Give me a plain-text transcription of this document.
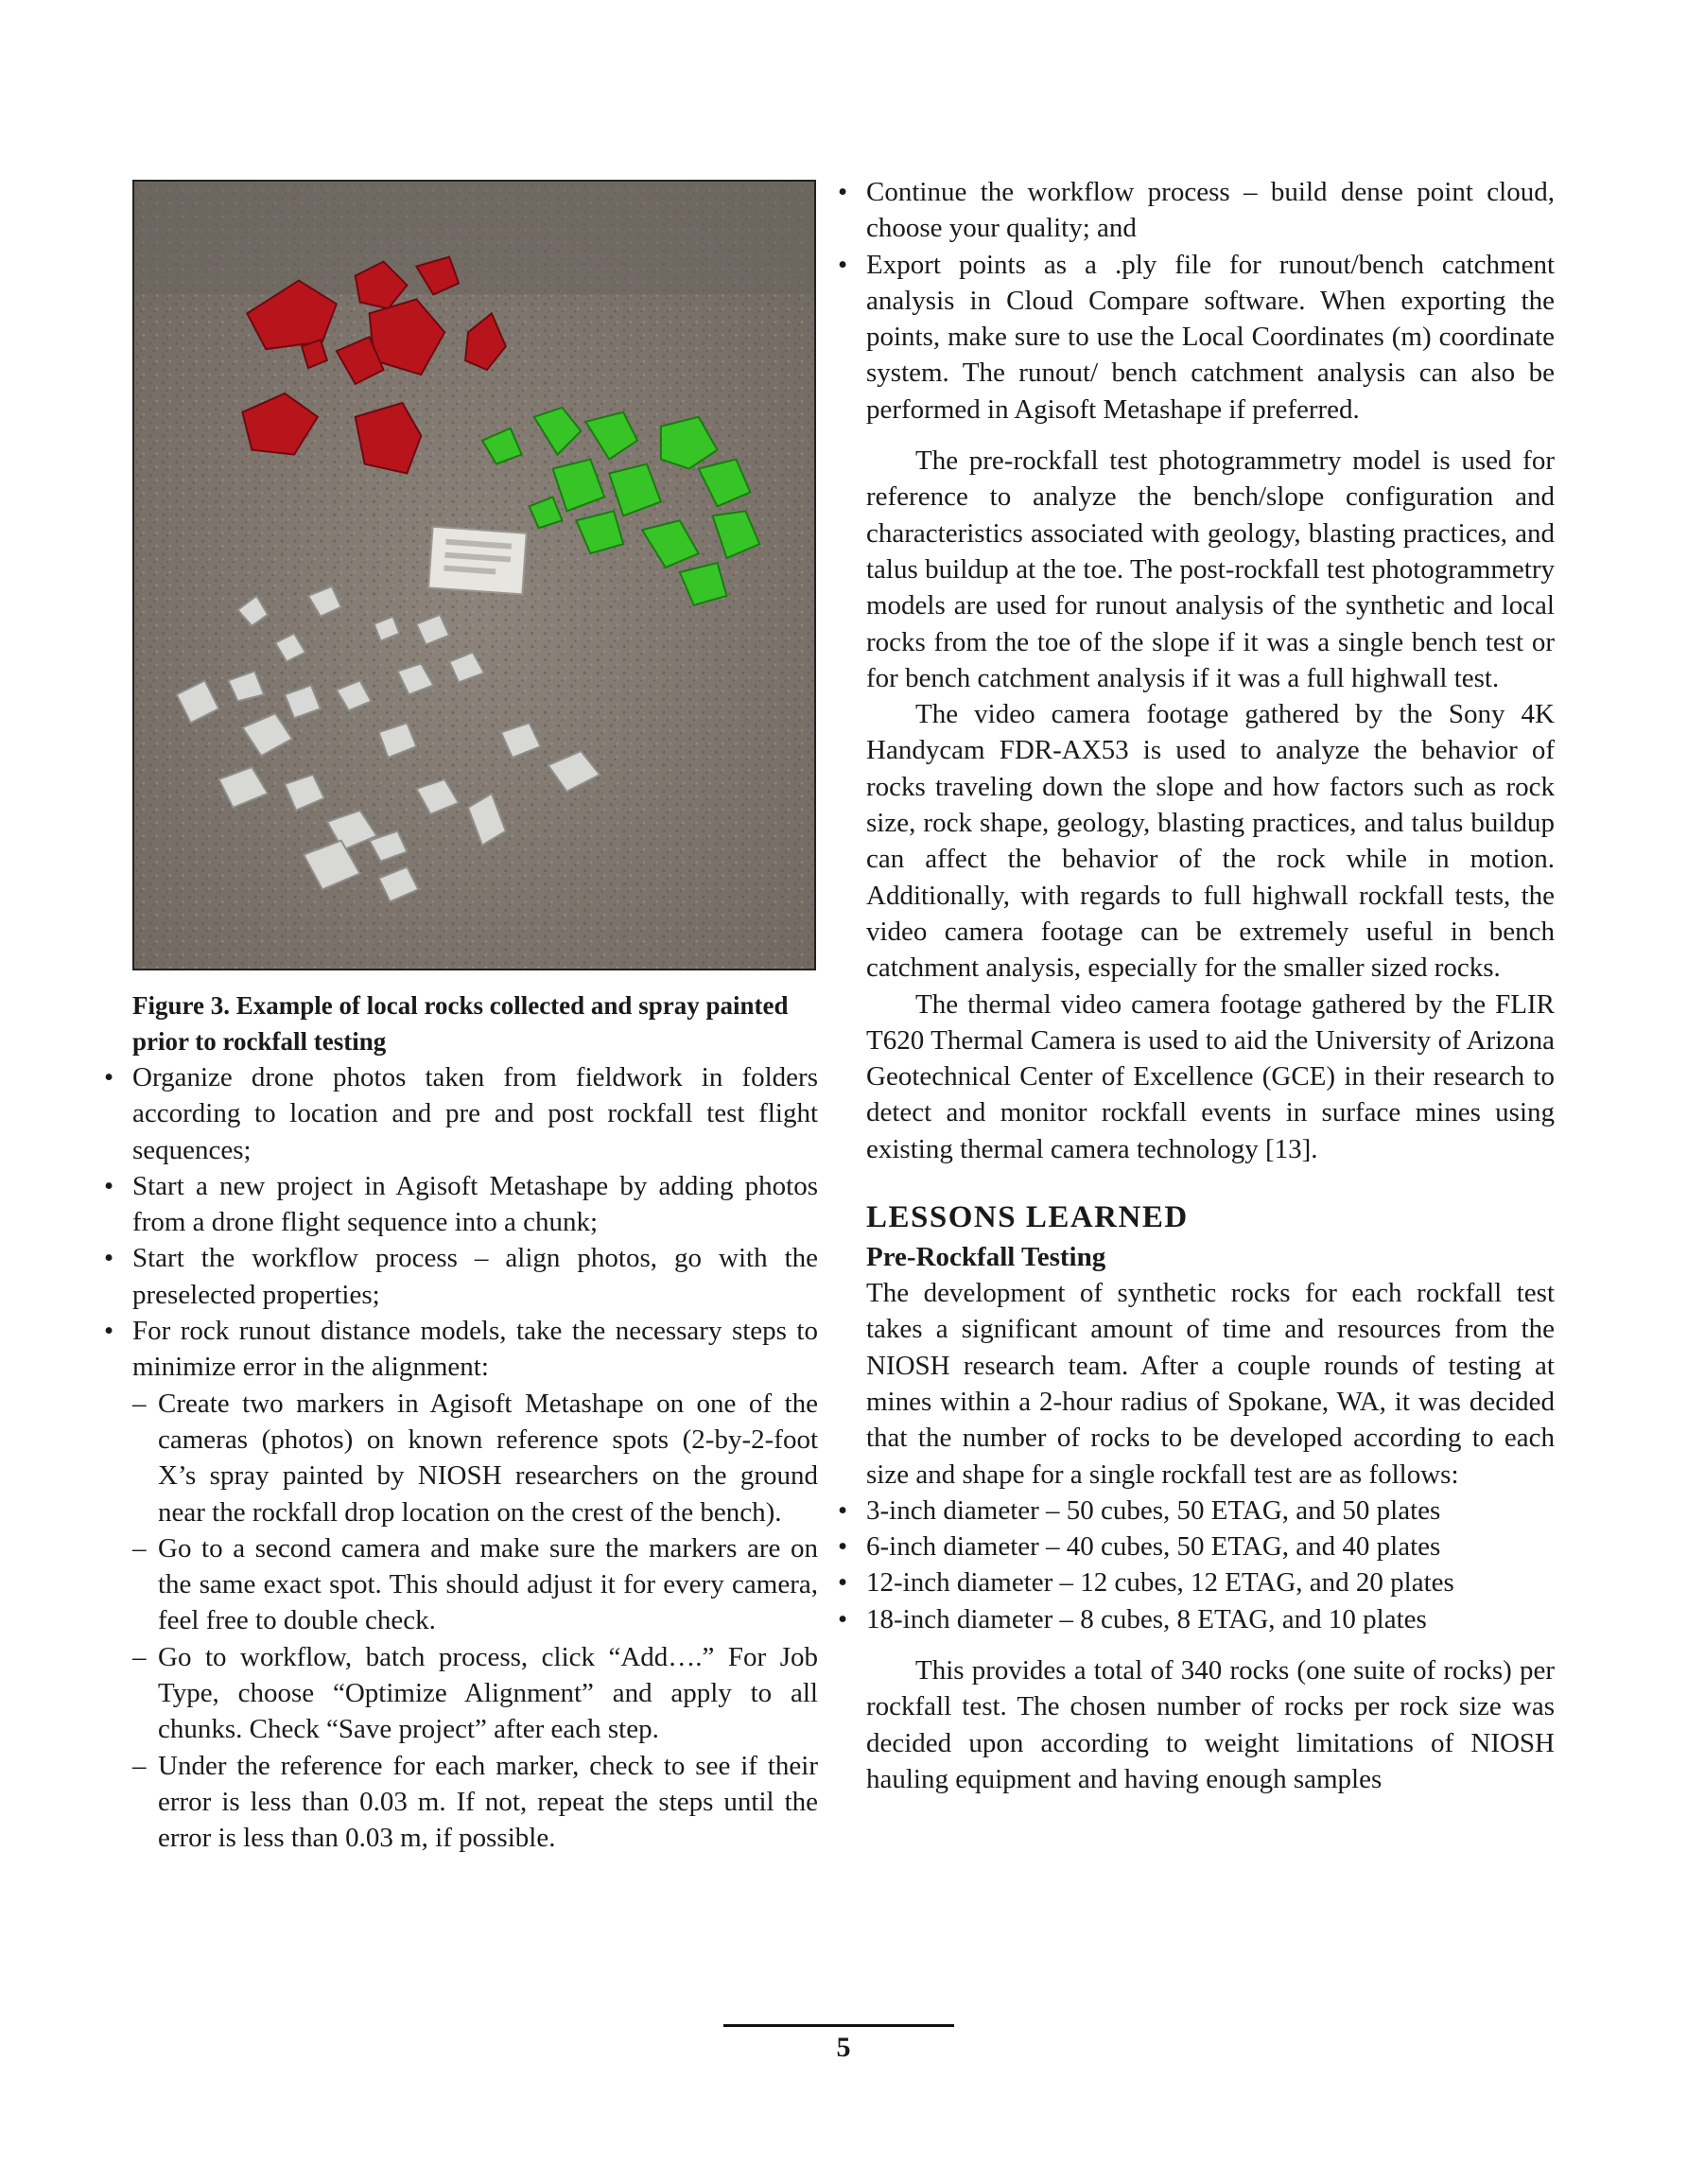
Figure 3. Example of local rocks collected and spray painted prior to rockfall testing
• Organize drone photos taken from fieldwork in folders according to location and pre and post rockfall test flight sequences;
• Start a new project in Agisoft Metashape by adding photos from a drone flight sequence into a chunk;
• Start the workflow process – align photos, go with the preselected properties;
• For rock runout distance models, take the necessary steps to minimize error in the alignment:
– Create two markers in Agisoft Metashape on one of the cameras (photos) on known reference spots (2-by-2-foot X’s spray painted by NIOSH researchers on the ground near the rockfall drop location on the crest of the bench).
– Go to a second camera and make sure the markers are on the same exact spot. This should adjust it for every camera, feel free to double check.
– Go to workflow, batch process, click “Add….” For Job Type, choose “Optimize Alignment” and apply to all chunks. Check “Save project” after each step.
– Under the reference for each marker, check to see if their error is less than 0.03 m. If not, repeat the steps until the error is less than 0.03 m, if possible.
• Continue the workflow process – build dense point cloud, choose your quality; and
• Export points as a .ply file for runout/bench catchment analysis in Cloud Compare software. When exporting the points, make sure to use the Local Coordinates (m) coordinate system. The runout/ bench catchment analysis can also be performed in Agisoft Metashape if preferred.

The pre-rockfall test photogrammetry model is used for reference to analyze the bench/slope configuration and characteristics associated with geology, blasting practices, and talus buildup at the toe. The post-rockfall test photogrammetry models are used for runout analysis of the synthetic and local rocks from the toe of the slope if it was a single bench test or for bench catchment analysis if it was a full highwall test.

The video camera footage gathered by the Sony 4K Handycam FDR-AX53 is used to analyze the behavior of rocks traveling down the slope and how factors such as rock size, rock shape, geology, blasting practices, and talus buildup can affect the behavior of the rock while in motion. Additionally, with regards to full highwall rockfall tests, the video camera footage can be extremely useful in bench catchment analysis, especially for the smaller sized rocks.

The thermal video camera footage gathered by the FLIR T620 Thermal Camera is used to aid the University of Arizona Geotechnical Center of Excellence (GCE) in their research to detect and monitor rockfall events in surface mines using existing thermal camera technology [13].

LESSONS LEARNED
Pre-Rockfall Testing

The development of synthetic rocks for each rockfall test takes a significant amount of time and resources from the NIOSH research team. After a couple rounds of testing at mines within a 2-hour radius of Spokane, WA, it was decided that the number of rocks to be developed according to each size and shape for a single rockfall test are as follows:

• 3-inch diameter – 50 cubes, 50 ETAG, and 50 plates
• 6-inch diameter – 40 cubes, 50 ETAG, and 40 plates
• 12-inch diameter – 12 cubes, 12 ETAG, and 20 plates
• 18-inch diameter – 8 cubes, 8 ETAG, and 10 plates

This provides a total of 340 rocks (one suite of rocks) per rockfall test. The chosen number of rocks per rock size was decided upon according to weight limitations of NIOSH hauling equipment and having enough samples

5
